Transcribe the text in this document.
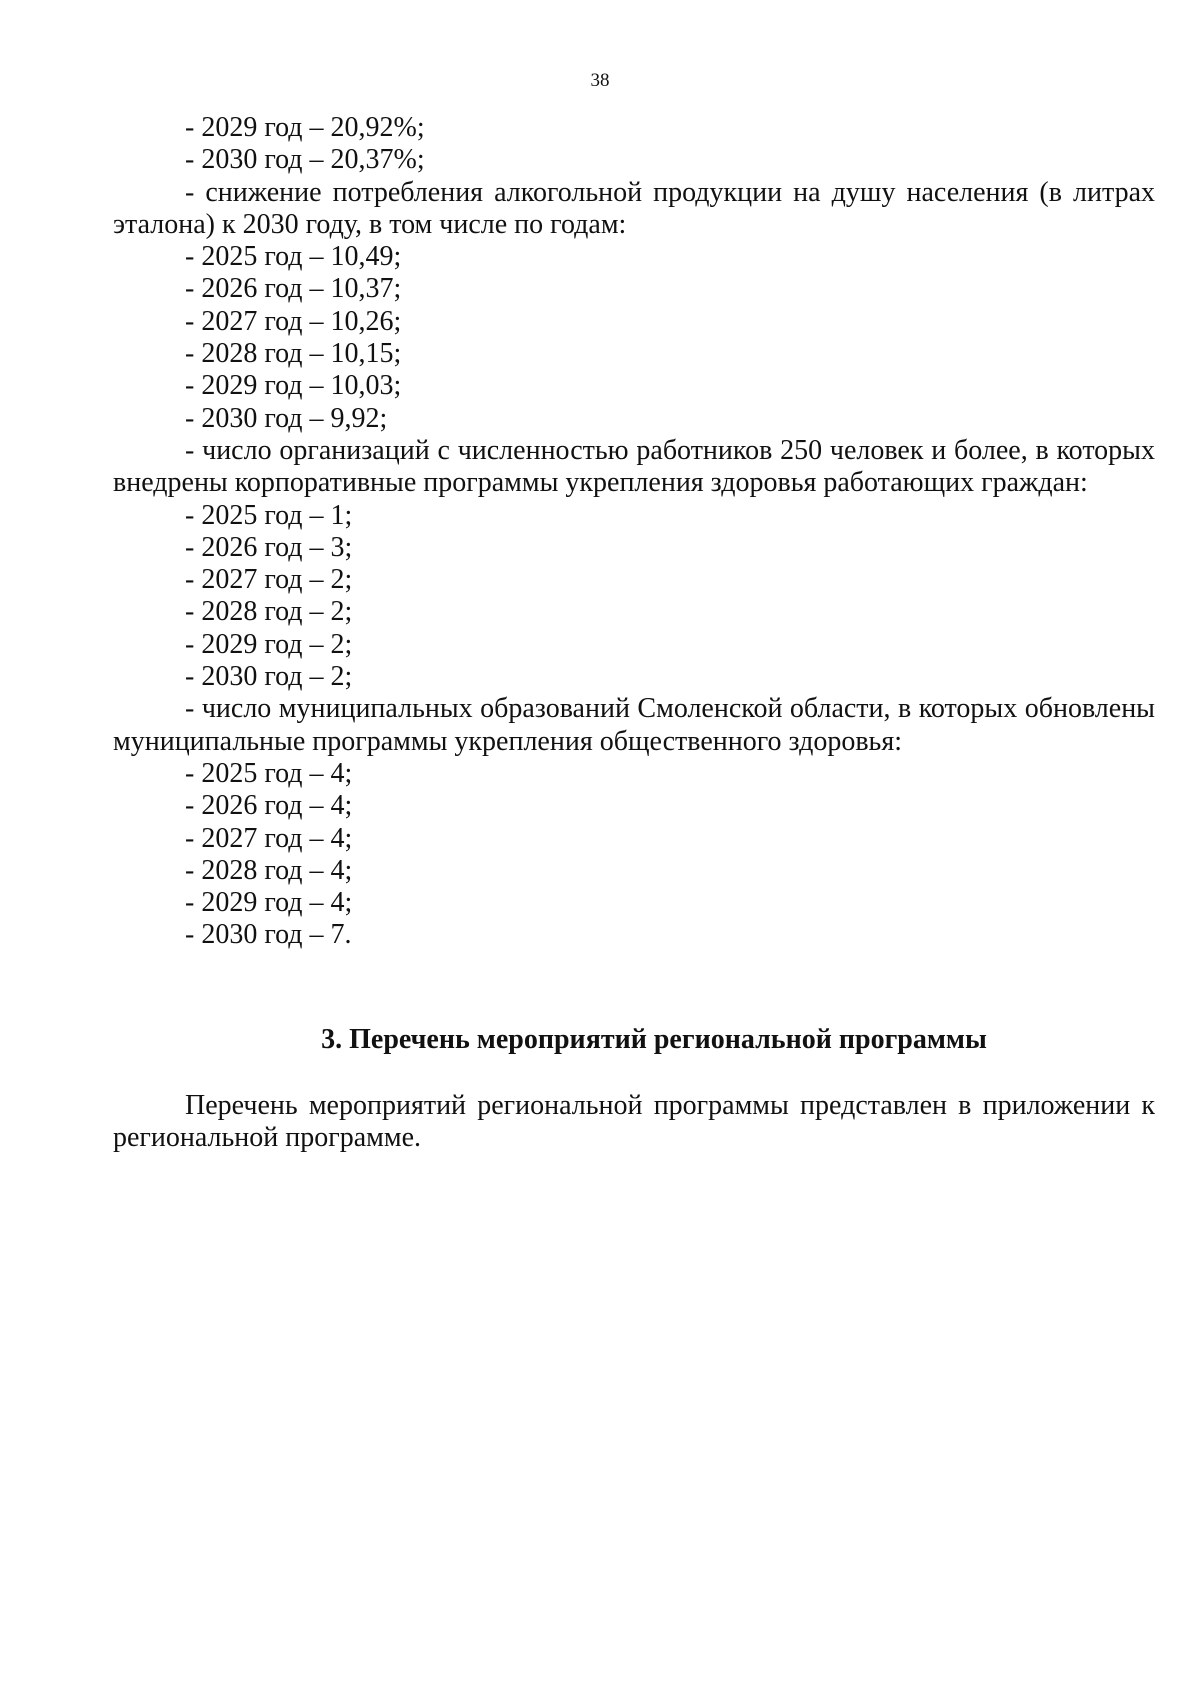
38
- 2029 год – 20,92%;
- 2030 год – 20,37%;
- снижение потребления алкогольной продукции на душу населения (в литрах эталона) к 2030 году, в том числе по годам:
- 2025 год – 10,49;
- 2026 год – 10,37;
- 2027 год – 10,26;
- 2028 год – 10,15;
- 2029 год – 10,03;
- 2030 год – 9,92;
- число организаций с численностью работников 250 человек и более, в которых внедрены корпоративные программы укрепления здоровья работающих граждан:
- 2025 год – 1;
- 2026 год – 3;
- 2027 год – 2;
- 2028 год – 2;
- 2029 год – 2;
- 2030 год – 2;
- число муниципальных образований Смоленской области, в которых обновлены муниципальные программы укрепления общественного здоровья:
- 2025 год – 4;
- 2026 год – 4;
- 2027 год – 4;
- 2028 год – 4;
- 2029 год – 4;
- 2030 год – 7.
3. Перечень мероприятий региональной программы
Перечень мероприятий региональной программы представлен в приложении к региональной программе.
